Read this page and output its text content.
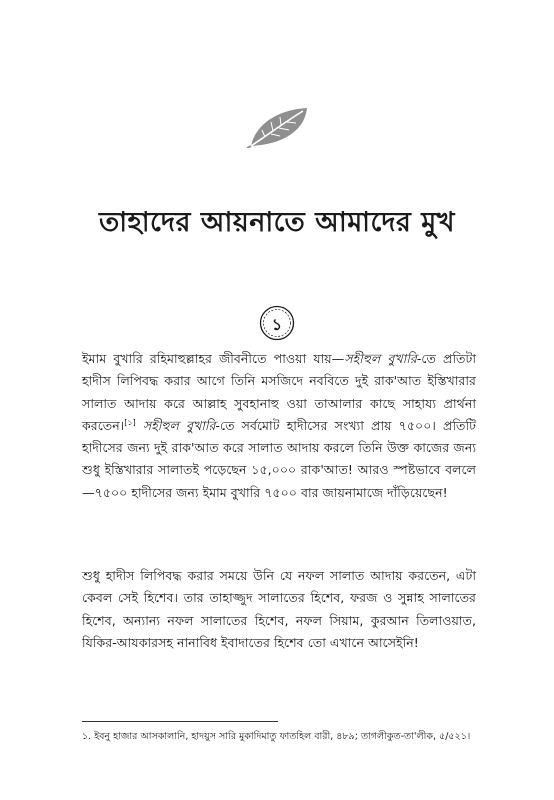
তাহাদের আয়নাতে আমাদের মুখ
১

ইমাম বুখারি রহিমাহুল্লাহর জীবনীতে পাওয়া যায়—সহীহুল বুখারি-তে প্রতিটা হাদীস লিপিবদ্ধ করার আগে তিনি মসজিদে নববিতে দুই রাক'আত ইস্তিখারার সালাত আদায় করে আল্লাহ সুবহানাহু ওয়া তাআলার কাছে সাহায্য প্রার্থনা করতেন।[১] সহীহুল বুখারি-তে সর্বমোট হাদীসের সংখ্যা প্রায় ৭৫০০। প্রতিটি হাদীসের জন্য দুই রাক'আত করে সালাত আদায় করলে তিনি উক্ত কাজের জন্য শুধু ইস্তিখারার সালাতই পড়েছেন ১৫,০০০ রাক'আত! আরও স্পষ্টভাবে বললে—৭৫০০ হাদীসের জন্য ইমাম বুখারি ৭৫০০ বার জায়নামাজে দাঁড়িয়েছেন!

শুধু হাদীস লিপিবদ্ধ করার সময়ে উনি যে নফল সালাত আদায় করতেন, এটা কেবল সেই হিশেব। তার তাহাজ্জুদ সালাতের হিশেব, ফরজ ও সুন্নাহ সালাতের হিশেব, অন্যান্য নফল সালাতের হিশেব, নফল সিয়াম, কুরআন তিলাওয়াত, যিকির-আযকারসহ নানাবিধ ইবাদাতের হিশেব তো এখানে আসেইনি!

১. ইবনু হাজার আসকালানি, হাদয়ুস সারি মুকাদিমাতু ফাতহিল বারী, ৪৮৯; তাগলীকুত-তা'লীক, ৫/৫২১।
